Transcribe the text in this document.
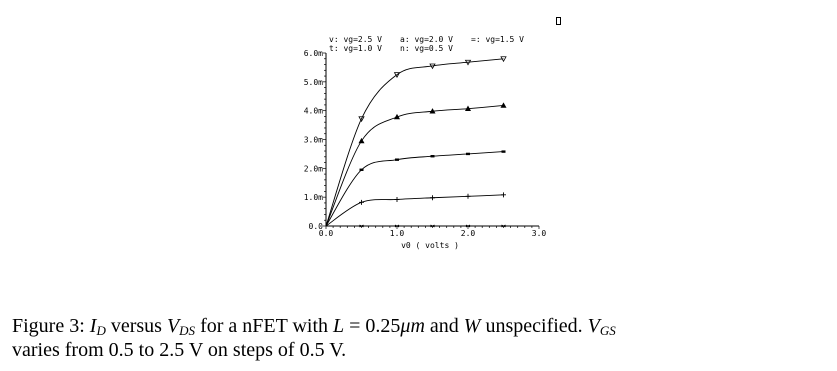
0.0	1.0	2.0	3.0
0.0
1.0m
2.0m
3.0m
4.0m
5.0m
6.0m
v: vg=2.5 V a: vg=2.0 V =: vg=1.5 V
t: vg=1.0 V n: vg=0.5 V
v0 ( volts )
Figure 3: $I_D$ versus $V_{DS}$ for a nFET with L = 0.25μm and W unspecified. $V_{GS}$
varies from 0.5 to 2.5 V on steps of 0.5 V.
